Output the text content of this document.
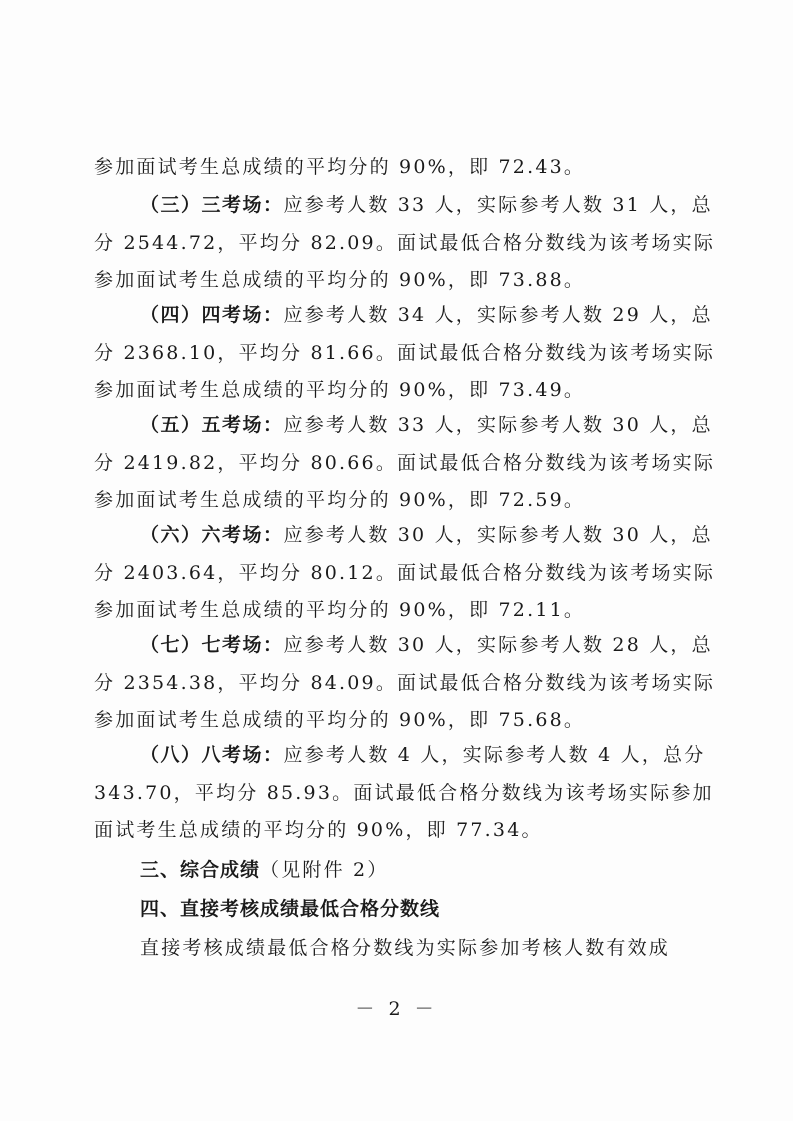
参加面试考生总成绩的平均分的 90%，即 72.43。
（三）三考场：应参考人数 33 人，实际参考人数 31 人，总
分 2544.72，平均分 82.09。面试最低合格分数线为该考场实际
参加面试考生总成绩的平均分的 90%，即 73.88。
（四）四考场：应参考人数 34 人，实际参考人数 29 人，总
分 2368.10，平均分 81.66。面试最低合格分数线为该考场实际
参加面试考生总成绩的平均分的 90%，即 73.49。
（五）五考场：应参考人数 33 人，实际参考人数 30 人，总
分 2419.82，平均分 80.66。面试最低合格分数线为该考场实际
参加面试考生总成绩的平均分的 90%，即 72.59。
（六）六考场：应参考人数 30 人，实际参考人数 30 人，总
分 2403.64，平均分 80.12。面试最低合格分数线为该考场实际
参加面试考生总成绩的平均分的 90%，即 72.11。
（七）七考场：应参考人数 30 人，实际参考人数 28 人，总
分 2354.38，平均分 84.09。面试最低合格分数线为该考场实际
参加面试考生总成绩的平均分的 90%，即 75.68。
（八）八考场：应参考人数 4 人，实际参考人数 4 人，总分
343.70，平均分 85.93。面试最低合格分数线为该考场实际参加
面试考生总成绩的平均分的 90%，即 77.34。
三、综合成绩（见附件 2）
四、直接考核成绩最低合格分数线
直接考核成绩最低合格分数线为实际参加考核人数有效成
－ 2 －
